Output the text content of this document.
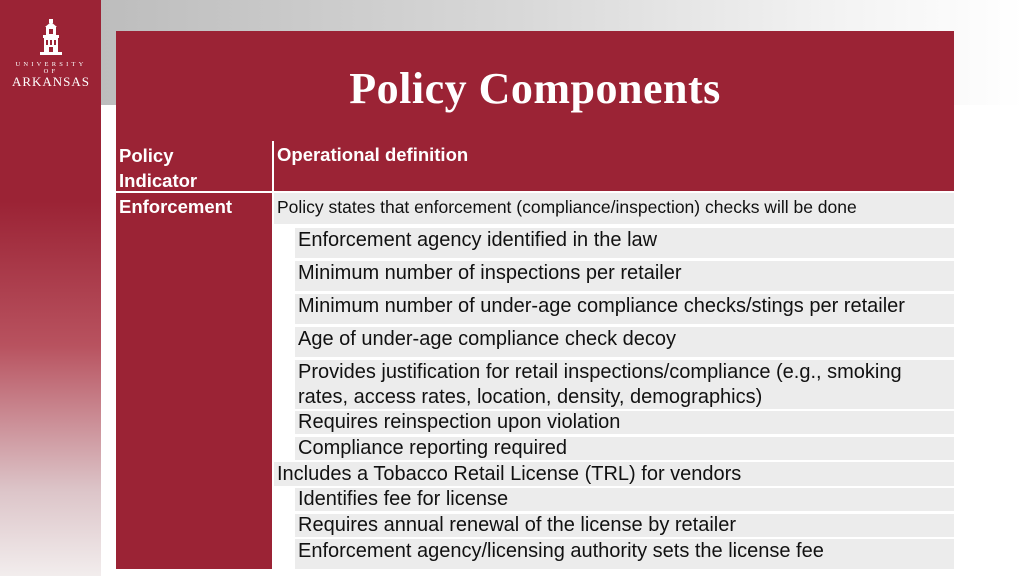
UNIVERSITY OF
ARKANSAS	Policy Components
Policy
Indicator
Enforcement
Operational definition
Policy states that enforcement (compliance/inspection) checks will be done
Enforcement agency identified in the law
Minimum number of inspections per retailer
Minimum number of under-age compliance checks/stings per retailer
Age of under-age compliance check decoy
Provides justification for retail inspections/compliance (e.g., smoking rates, access rates, location, density, demographics)
Requires reinspection upon violation
Compliance reporting required
Includes a Tobacco Retail License (TRL) for vendors
Identifies fee for license
Requires annual renewal of the license by retailer
Enforcement agency/licensing authority sets the license fee
